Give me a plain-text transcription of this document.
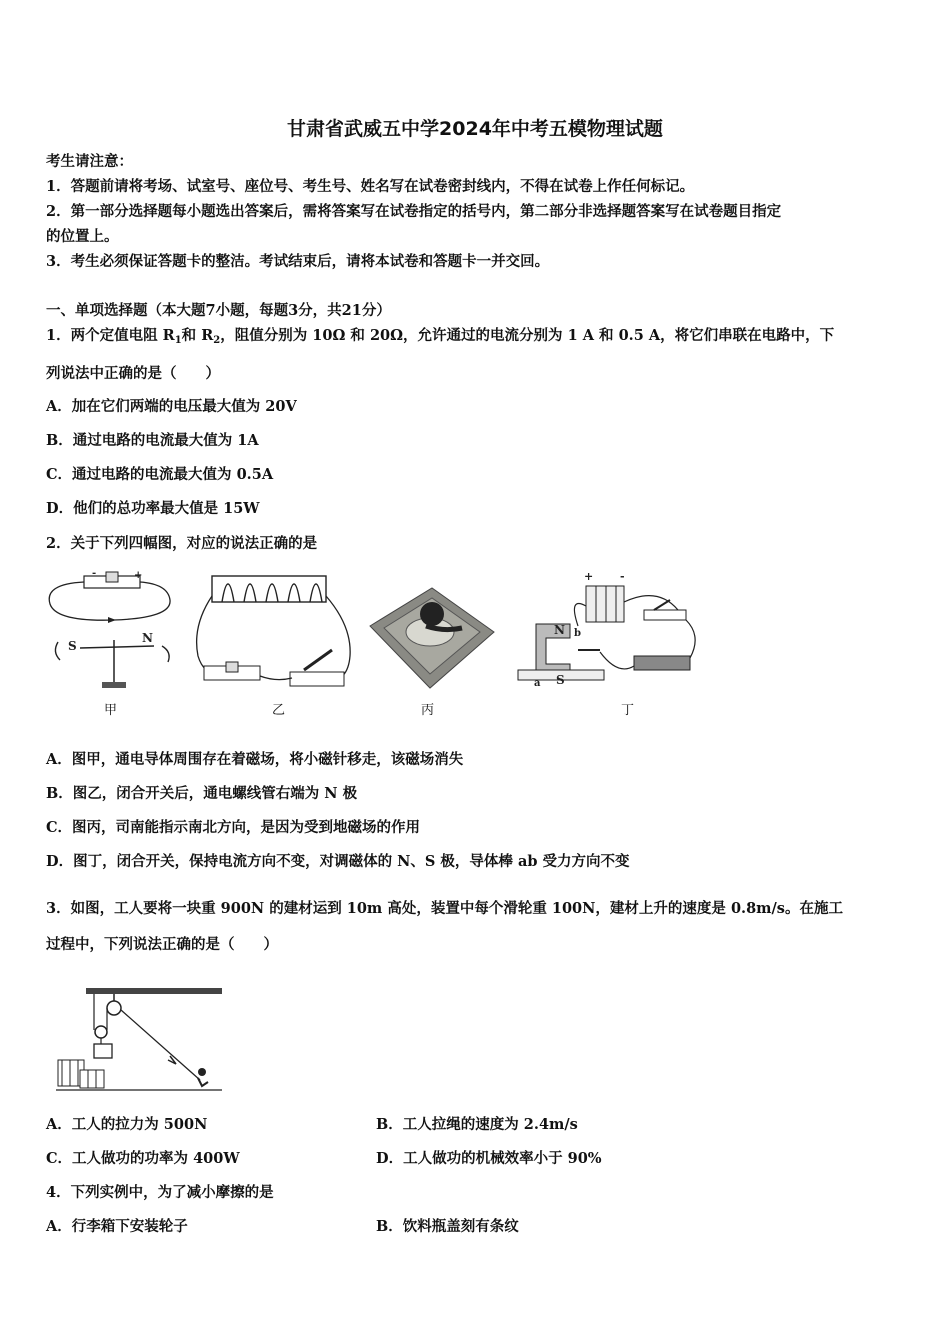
甘肃省武威五中学2024年中考五模物理试题
考生请注意：
1．答题前请将考场、试室号、座位号、考生号、姓名写在试卷密封线内，不得在试卷上作任何标记。
2．第一部分选择题每小题选出答案后，需将答案写在试卷指定的括号内，第二部分非选择题答案写在试卷题目指定
的位置上。
3．考生必须保证答题卡的整洁。考试结束后，请将本试卷和答题卡一并交回。
一、单项选择题（本大题7小题，每题3分，共21分）
1．两个定值电阻 $R_1$和 $R_2$，阻值分别为 10Ω 和 20Ω，允许通过的电流分别为 1 A 和 0.5 A，将它们串联在电路中，下
列说法中正确的是（　　）
A．加在它们两端的电压最大值为 20V
B．通过电路的电流最大值为 1A
C．通过电路的电流最大值为 0.5A
D．他们的总功率最大值是 15W
2．关于下列四幅图，对应的说法正确的是
-	+
S
N
甲	乙	丙
+ -
N
S
b
a
丁
A．图甲，通电导体周围存在着磁场，将小磁针移走，该磁场消失
B．图乙，闭合开关后，通电螺线管右端为 N 极
C．图丙，司南能指示南北方向，是因为受到地磁场的作用
D．图丁，闭合开关，保持电流方向不变，对调磁体的 N、S 极，导体棒 ab 受力方向不变
3．如图，工人要将一块重 900N 的建材运到 10m 高处，装置中每个滑轮重 100N，建材上升的速度是 0.8m/s。在施工
过程中，下列说法正确的是（　　）
A．工人的拉力为 500N	B．工人拉绳的速度为 2.4m/s
C．工人做功的功率为 400W	D．工人做功的机械效率小于 90%
4．下列实例中，为了减小摩擦的是
A．行李箱下安装轮子	B．饮料瓶盖刻有条纹
